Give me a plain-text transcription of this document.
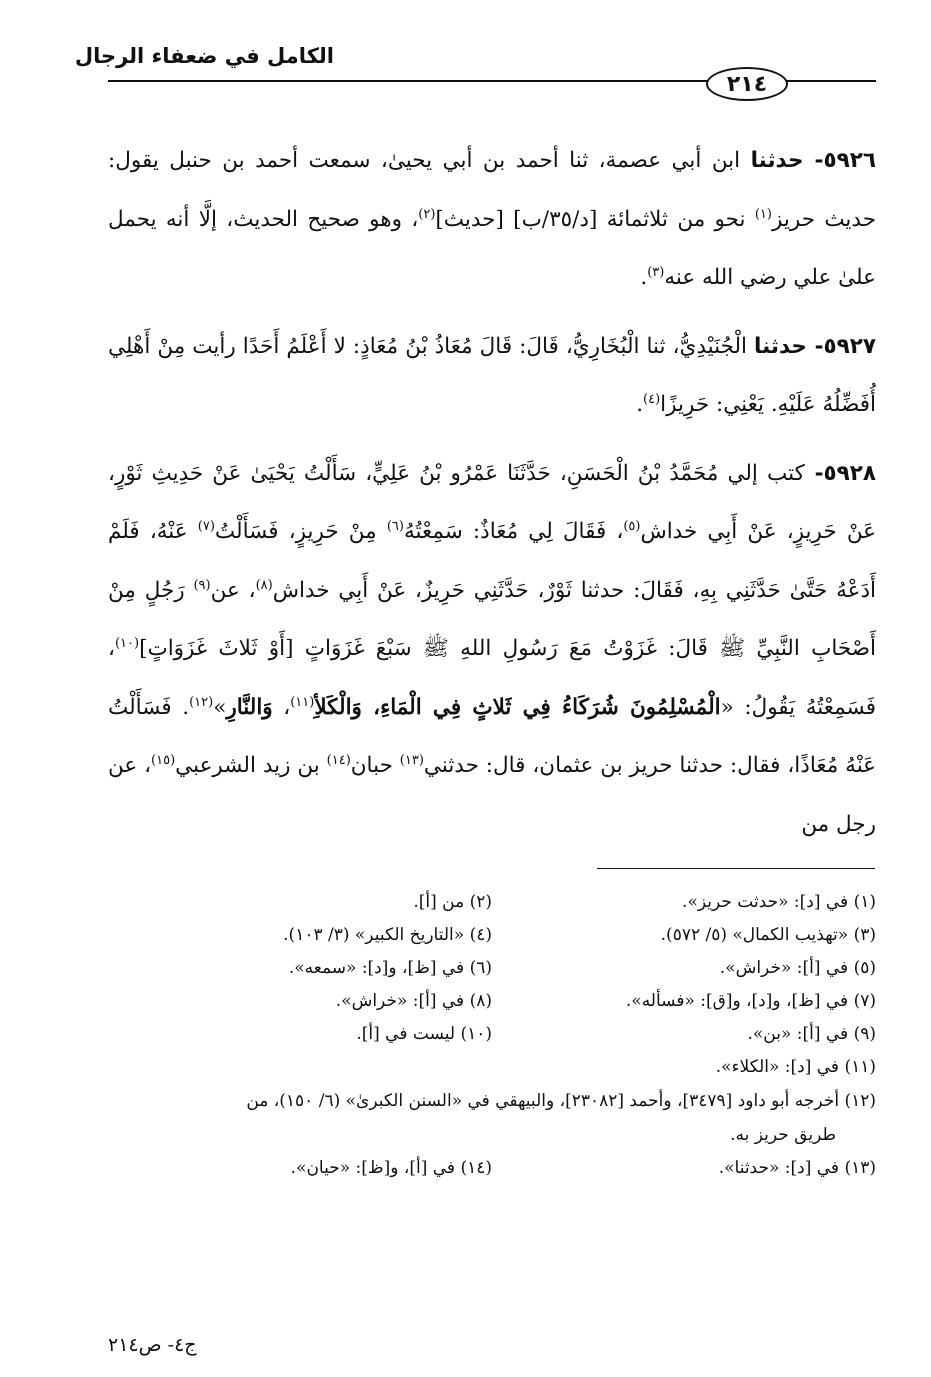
الكامل في ضعفاء الرجال
٢١٤

٥٩٢٦- حدثنا ابن أبي عصمة، ثنا أحمد بن أبي يحيىٰ، سمعت أحمد بن حنبل يقول: حديث حريز$^{(١)}$ نحو من ثلاثمائة [د/٣٥/ب] [حديث]$^{(٢)}$، وهو صحيح الحديث، إلَّا أنه يحمل علىٰ علي رضي الله عنه$^{(٣)}$.

٥٩٢٧- حدثنا الْجُنَيْدِيُّ، ثنا الْبُخَارِيُّ، قَالَ: قَالَ مُعَاذُ بْنُ مُعَاذٍ: لا أَعْلَمُ أَحَدًا رأيت مِنْ أَهْلِي أُفَضِّلُهُ عَلَيْهِ. يَعْنِي: حَرِيزًا$^{(٤)}$.

٥٩٢٨- كتب إلي مُحَمَّدُ بْنُ الْحَسَنِ، حَدَّثَنَا عَمْرُو بْنُ عَلِيٍّ، سَأَلْتُ يَحْيَىٰ عَنْ حَدِيثِ ثَوْرٍ، عَنْ حَرِيزٍ، عَنْ أَبِي خداش$^{(٥)}$، فَقَالَ لِي مُعَاذٌ: سَمِعْتُهُ$^{(٦)}$ مِنْ حَرِيزٍ، فَسَأَلْتُ$^{(٧)}$ عَنْهُ، فَلَمْ أَدَعْهُ حَتَّىٰ حَدَّثَنِي بِهِ، فَقَالَ: حدثنا ثَوْرٌ، حَدَّثَنِي حَرِيزٌ، عَنْ أَبِي خداش$^{(٨)}$، عن$^{(٩)}$ رَجُلٍ مِنْ أَصْحَابِ النَّبِيِّ ﷺ قَالَ: غَزَوْتُ مَعَ رَسُولِ اللهِ ﷺ سَبْعَ غَزَوَاتٍ [أَوْ ثَلاثَ غَزَوَاتٍ]$^{(١٠)}$، فَسَمِعْتُهُ يَقُولُ: «الْمُسْلِمُونَ شُرَكَاءُ فِي ثَلاثٍ فِي الْمَاءِ، وَالْكَلأِ$^{(١١)}$، وَالنَّارِ»$^{(١٢)}$. فَسَأَلْتُ عَنْهُ مُعَاذًا، فقال: حدثنا حريز بن عثمان، قال: حدثني$^{(١٣)}$ حبان$^{(١٤)}$ بن زيد الشرعبي$^{(١٥)}$، عن رجل من

(١) في [د]: «حدثت حريز».
(٢) من [أ].
(٣) «تهذيب الكمال» (٥/ ٥٧٢).
(٤) «التاريخ الكبير» (٣/ ١٠٣).
(٥) في [أ]: «خراش».
(٦) في [ظ]، و[د]: «سمعه».
(٧) في [ظ]، و[د]، و[ق]: «فسأله».
(٨) في [أ]: «خراش».
(٩) في [أ]: «بن».
(١٠) ليست في [أ].
(١١) في [د]: «الكلاء».
(١٢) أخرجه أبو داود [٣٤٧٩]، وأحمد [٢٣٠٨٢]، والبيهقي في «السنن الكبرىٰ» (٦/ ١٥٠)، من
طريق حريز به.
(١٣) في [د]: «حدثنا».
(١٤) في [أ]، و[ظ]: «حيان».
ج٤- ص٢١٤
